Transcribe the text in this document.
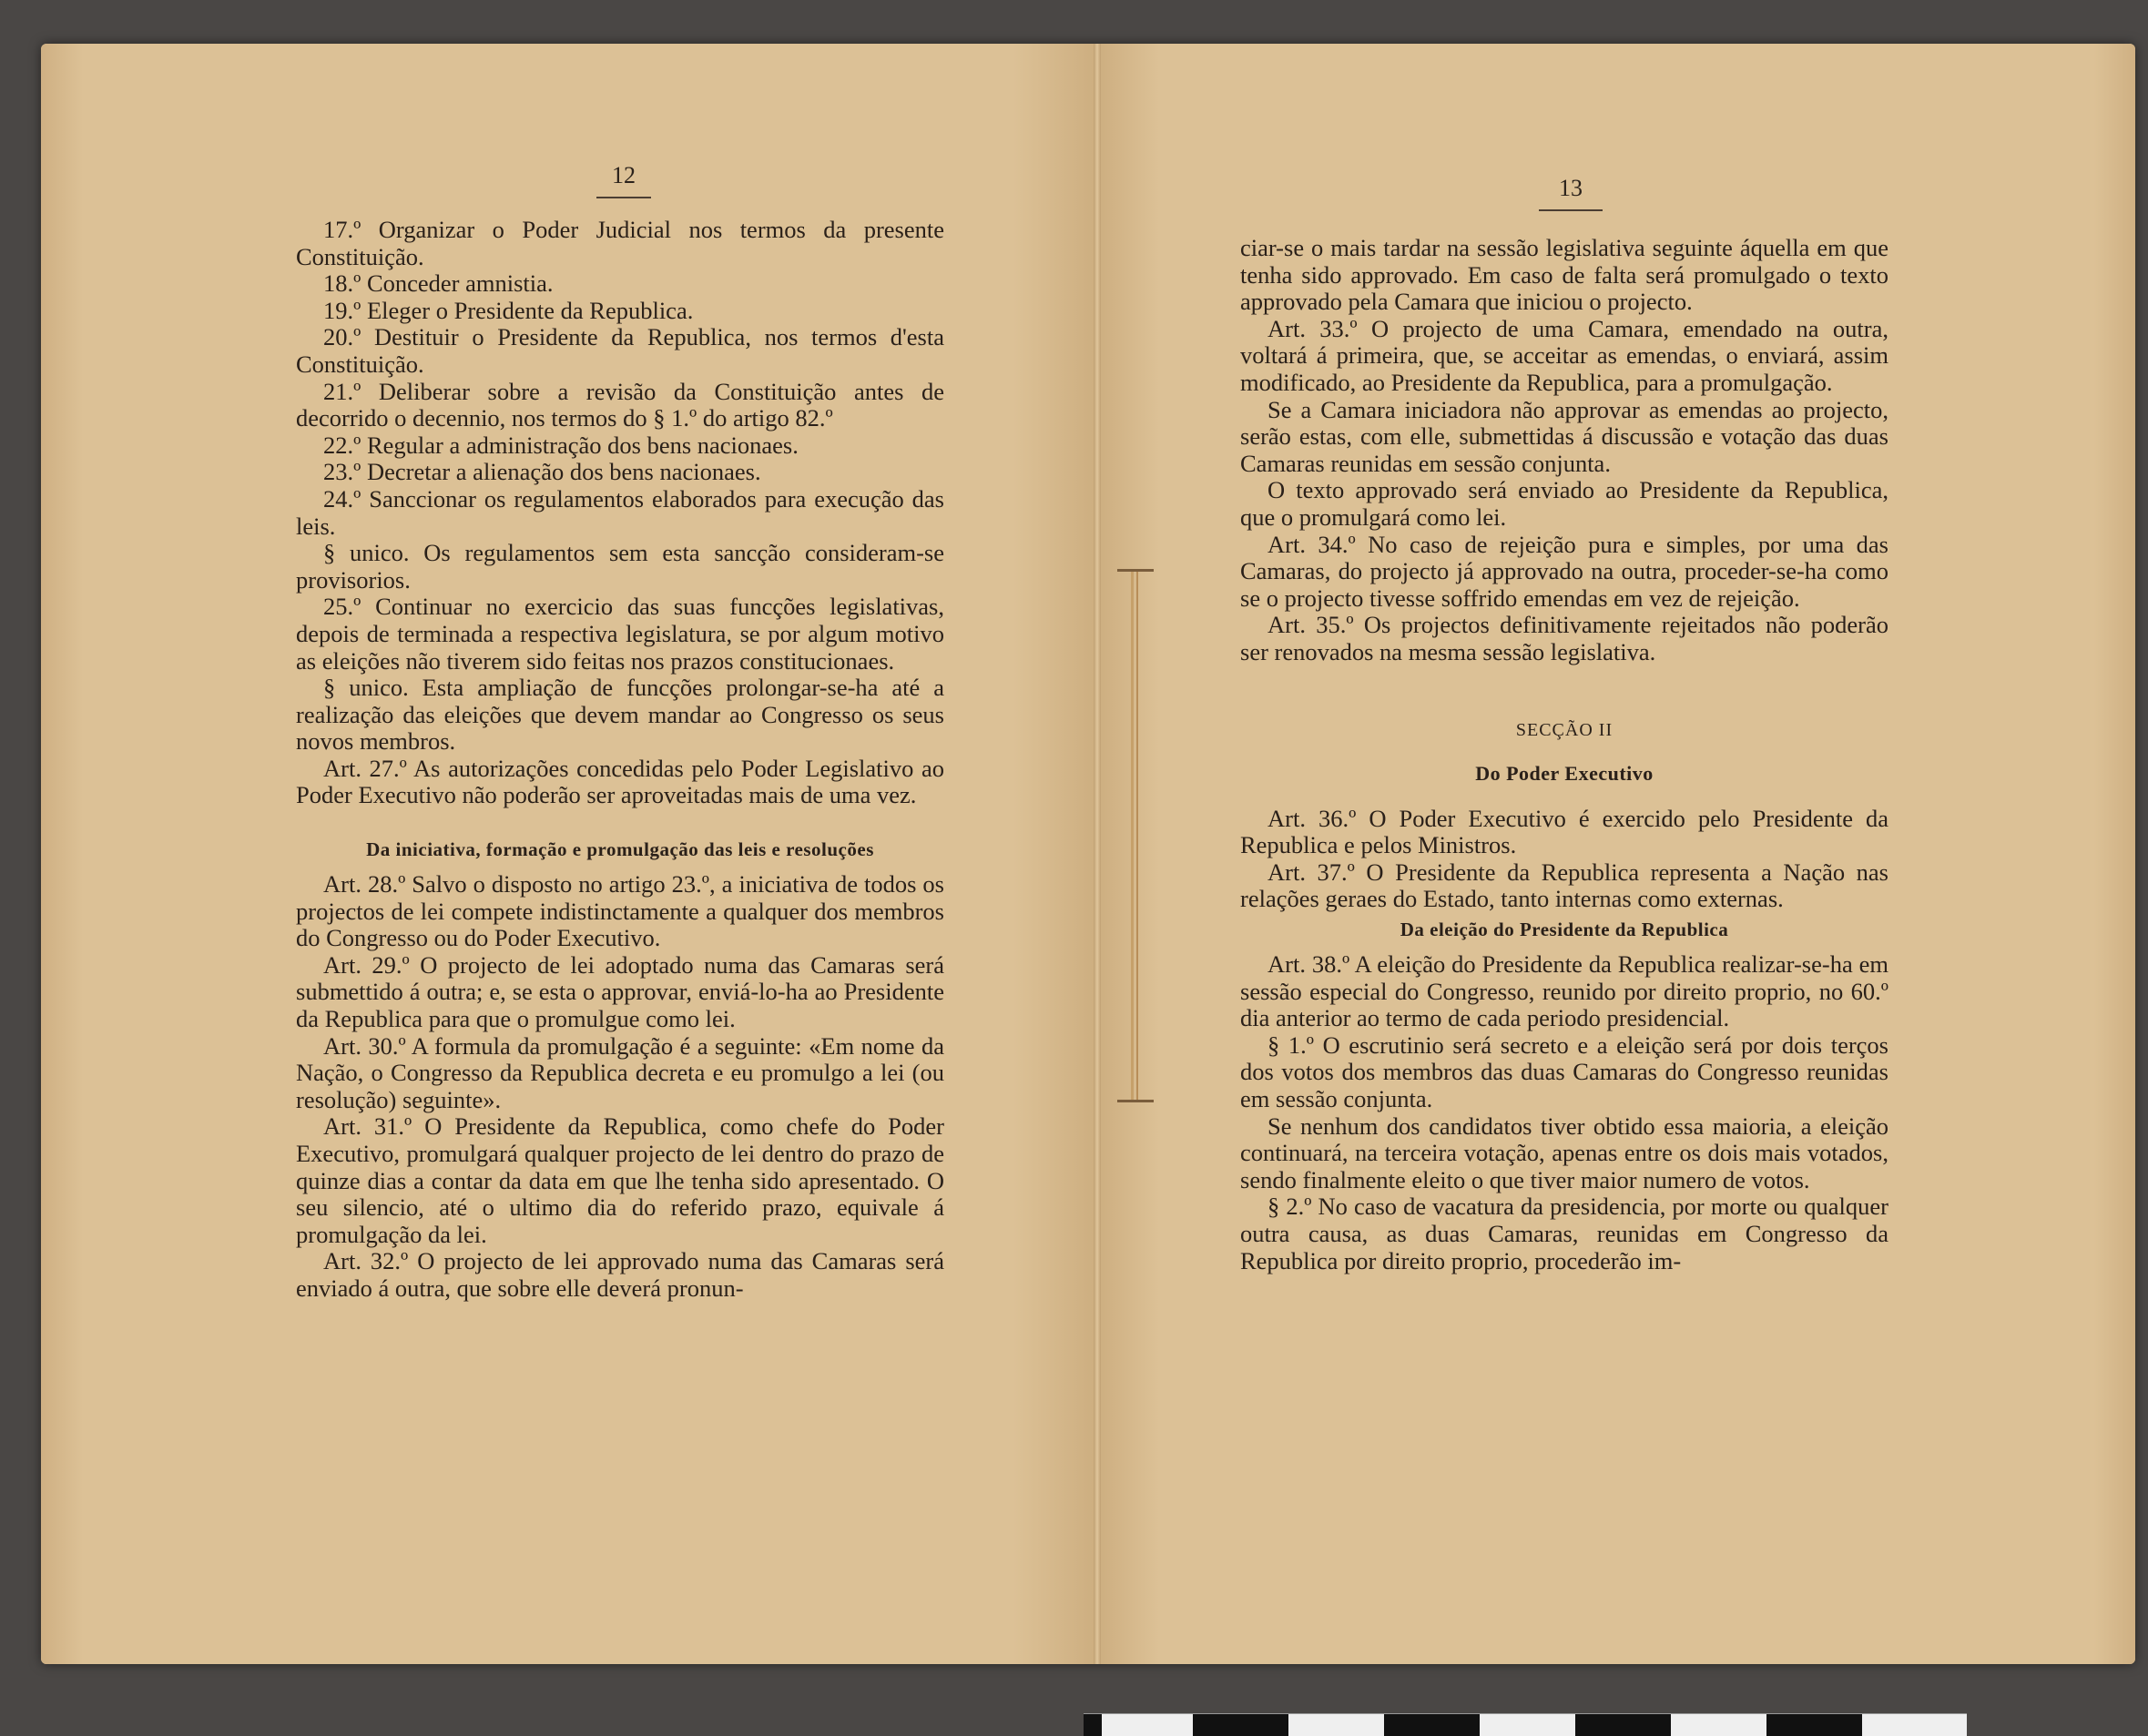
12	13
17.º Organizar o Poder Judicial nos termos da presente Constituição.
18.º Conceder amnistia.
19.º Eleger o Presidente da Republica.
20.º Destituir o Presidente da Republica, nos termos d'esta Constituição.
21.º Deliberar sobre a revisão da Constituição antes de decorrido o decennio, nos termos do § 1.º do artigo 82.º
22.º Regular a administração dos bens nacionaes.
23.º Decretar a alienação dos bens nacionaes.
24.º Sanccionar os regulamentos elaborados para execução das leis.
§ unico. Os regulamentos sem esta sancção consideram-se provisorios.
25.º Continuar no exercicio das suas funcções legislativas, depois de terminada a respectiva legislatura, se por algum motivo as eleições não tiverem sido feitas nos prazos constitucionaes.
§ unico. Esta ampliação de funcções prolongar-se-ha até a realização das eleições que devem mandar ao Congresso os seus novos membros.
Art. 27.º As autorizações concedidas pelo Poder Legislativo ao Poder Executivo não poderão ser aproveitadas mais de uma vez.
Da iniciativa, formação e promulgação das leis e resoluções
Art. 28.º Salvo o disposto no artigo 23.º, a iniciativa de todos os projectos de lei compete indistinctamente a qualquer dos membros do Congresso ou do Poder Executivo.
Art. 29.º O projecto de lei adoptado numa das Camaras será submettido á outra; e, se esta o approvar, enviá-lo-ha ao Presidente da Republica para que o promulgue como lei.
Art. 30.º A formula da promulgação é a seguinte: «Em nome da Nação, o Congresso da Republica decreta e eu promulgo a lei (ou resolução) seguinte».
Art. 31.º O Presidente da Republica, como chefe do Poder Executivo, promulgará qualquer projecto de lei dentro do prazo de quinze dias a contar da data em que lhe tenha sido apresentado. O seu silencio, até o ultimo dia do referido prazo, equivale á promulgação da lei.
Art. 32.º O projecto de lei approvado numa das Camaras será enviado á outra, que sobre elle deverá pronun-
ciar-se o mais tardar na sessão legislativa seguinte áquella em que tenha sido approvado. Em caso de falta será promulgado o texto approvado pela Camara que iniciou o projecto.
Art. 33.º O projecto de uma Camara, emendado na outra, voltará á primeira, que, se acceitar as emendas, o enviará, assim modificado, ao Presidente da Republica, para a promulgação.
Se a Camara iniciadora não approvar as emendas ao projecto, serão estas, com elle, submettidas á discussão e votação das duas Camaras reunidas em sessão conjunta.
O texto approvado será enviado ao Presidente da Republica, que o promulgará como lei.
Art. 34.º No caso de rejeição pura e simples, por uma das Camaras, do projecto já approvado na outra, proceder-se-ha como se o projecto tivesse soffrido emendas em vez de rejeição.
Art. 35.º Os projectos definitivamente rejeitados não poderão ser renovados na mesma sessão legislativa.
SECÇÃO II
Do Poder Executivo
Art. 36.º O Poder Executivo é exercido pelo Presidente da Republica e pelos Ministros.
Art. 37.º O Presidente da Republica representa a Nação nas relações geraes do Estado, tanto internas como externas.
Da eleição do Presidente da Republica
Art. 38.º A eleição do Presidente da Republica realizar-se-ha em sessão especial do Congresso, reunido por direito proprio, no 60.º dia anterior ao termo de cada periodo presidencial.
§ 1.º O escrutinio será secreto e a eleição será por dois terços dos votos dos membros das duas Camaras do Congresso reunidas em sessão conjunta.
Se nenhum dos candidatos tiver obtido essa maioria, a eleição continuará, na terceira votação, apenas entre os dois mais votados, sendo finalmente eleito o que tiver maior numero de votos.
§ 2.º No caso de vacatura da presidencia, por morte ou qualquer outra causa, as duas Camaras, reunidas em Congresso da Republica por direito proprio, procederão im-
